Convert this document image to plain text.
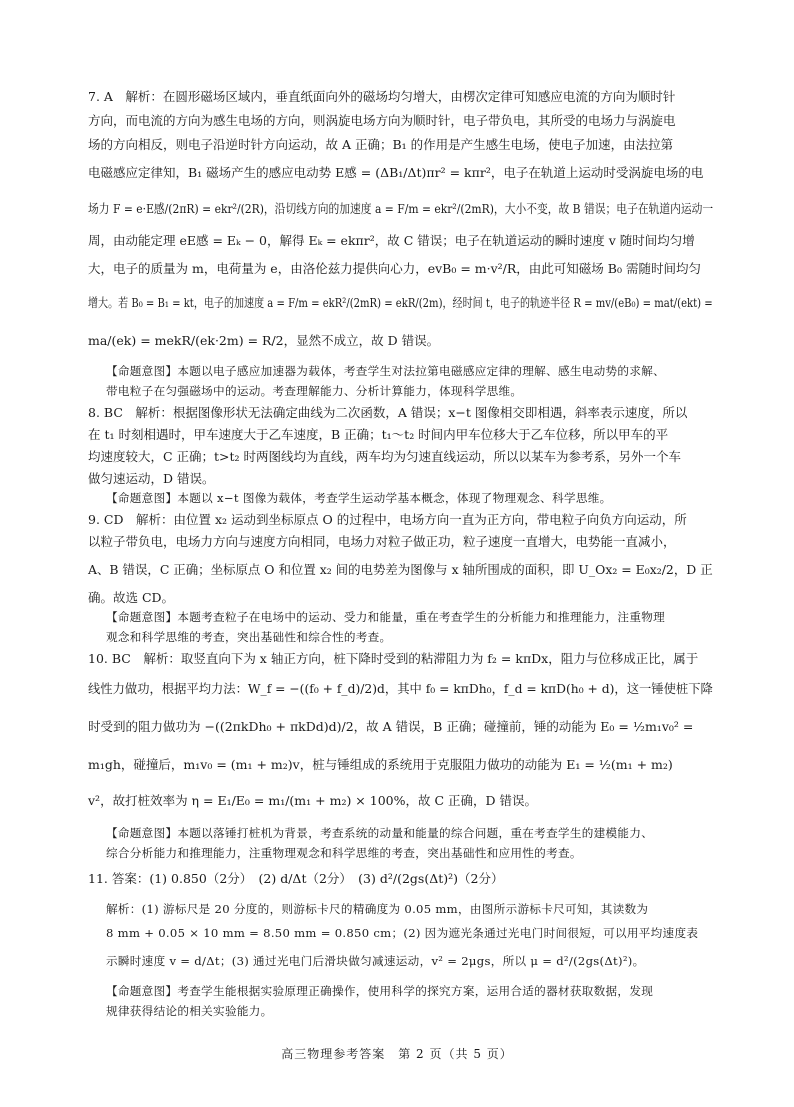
7. A　解析：在圆形磁场区域内，垂直纸面向外的磁场均匀增大，由楞次定律可知感应电流的方向为顺时针
方向，而电流的方向为感生电场的方向，则涡旋电场方向为顺时针，电子带负电，其所受的电场力与涡旋电
场的方向相反，则电子沿逆时针方向运动，故 A 正确；B₁ 的作用是产生感生电场，使电子加速，由法拉第
电磁感应定律知，B₁ 磁场产生的感应电动势 E感 = (ΔB₁/Δt)πr² = kπr²，电子在轨道上运动时受涡旋电场的电
场力 F = e·E感/(2πR) = ekr²/(2R)，沿切线方向的加速度 a = F/m = ekr²/(2mR)，大小不变，故 B 错误；电子在轨道内运动一
周，由动能定理 eE感 = Eₖ − 0，解得 Eₖ = ekπr²，故 C 错误；电子在轨道运动的瞬时速度 v 随时间均匀增
大，电子的质量为 m，电荷量为 e，由洛伦兹力提供向心力，evB₀ = m·v²/R，由此可知磁场 B₀ 需随时间均匀
增大。若 B₀ = B₁ = kt，电子的加速度 a = F/m = ekR²/(2mR) = ekR/(2m)，经时间 t，电子的轨迹半径 R = mv/(eB₀) = mat/(ekt) =
ma/(ek) = mekR/(ek·2m) = R/2，显然不成立，故 D 错误。
【命题意图】本题以电子感应加速器为载体，考查学生对法拉第电磁感应定律的理解、感生电动势的求解、
带电粒子在匀强磁场中的运动。考查理解能力、分析计算能力，体现科学思维。
8. BC　解析：根据图像形状无法确定曲线为二次函数，A 错误；x−t 图像相交即相遇，斜率表示速度，所以
在 t₁ 时刻相遇时，甲车速度大于乙车速度，B 正确；t₁～t₂ 时间内甲车位移大于乙车位移，所以甲车的平
均速度较大，C 正确；t>t₂ 时两图线均为直线，两车均为匀速直线运动，所以以某车为参考系，另外一个车
做匀速运动，D 错误。
【命题意图】本题以 x−t 图像为载体，考查学生运动学基本概念，体现了物理观念、科学思维。
9. CD　解析：由位置 x₂ 运动到坐标原点 O 的过程中，电场方向一直为正方向，带电粒子向负方向运动，所
以粒子带负电，电场力方向与速度方向相同，电场力对粒子做正功，粒子速度一直增大，电势能一直减小，
A、B 错误，C 正确；坐标原点 O 和位置 x₂ 间的电势差为图像与 x 轴所围成的面积，即 U_Ox₂ = E₀x₂/2，D 正
确。故选 CD。
【命题意图】本题考查粒子在电场中的运动、受力和能量，重在考查学生的分析能力和推理能力，注重物理
观念和科学思维的考查，突出基础性和综合性的考查。
10. BC　解析：取竖直向下为 x 轴正方向，桩下降时受到的粘滞阻力为 f₂ = kπDx，阻力与位移成正比，属于
线性力做功，根据平均力法：W_f = −((f₀ + f_d)/2)d，其中 f₀ = kπDh₀，f_d = kπD(h₀ + d)，这一锤使桩下降
时受到的阻力做功为 −((2πkDh₀ + πkDd)d)/2，故 A 错误，B 正确；碰撞前，锤的动能为 E₀ = ½m₁v₀² =
m₁gh，碰撞后，m₁v₀ = (m₁ + m₂)v，桩与锤组成的系统用于克服阻力做功的动能为 E₁ = ½(m₁ + m₂)
v²，故打桩效率为 η = E₁/E₀ = m₁/(m₁ + m₂) × 100%，故 C 正确，D 错误。
【命题意图】本题以落锤打桩机为背景，考查系统的动量和能量的综合问题，重在考查学生的建模能力、
综合分析能力和推理能力，注重物理观念和科学思维的考查，突出基础性和应用性的考查。
11. 答案：(1) 0.850（2分）　(2) d/Δt（2分）　(3) d²/(2gs(Δt)²)（2分）
解析：(1) 游标尺是 20 分度的，则游标卡尺的精确度为 0.05 mm，由图所示游标卡尺可知，其读数为
8 mm + 0.05 × 10 mm = 8.50 mm = 0.850 cm；(2) 因为遮光条通过光电门时间很短，可以用平均速度表
示瞬时速度 v = d/Δt；(3) 通过光电门后滑块做匀减速运动，v² = 2μgs，所以 μ = d²/(2gs(Δt)²)。
【命题意图】考查学生能根据实验原理正确操作，使用科学的探究方案，运用合适的器材获取数据，发现
规律获得结论的相关实验能力。
高三物理参考答案　第 2 页（共 5 页）
